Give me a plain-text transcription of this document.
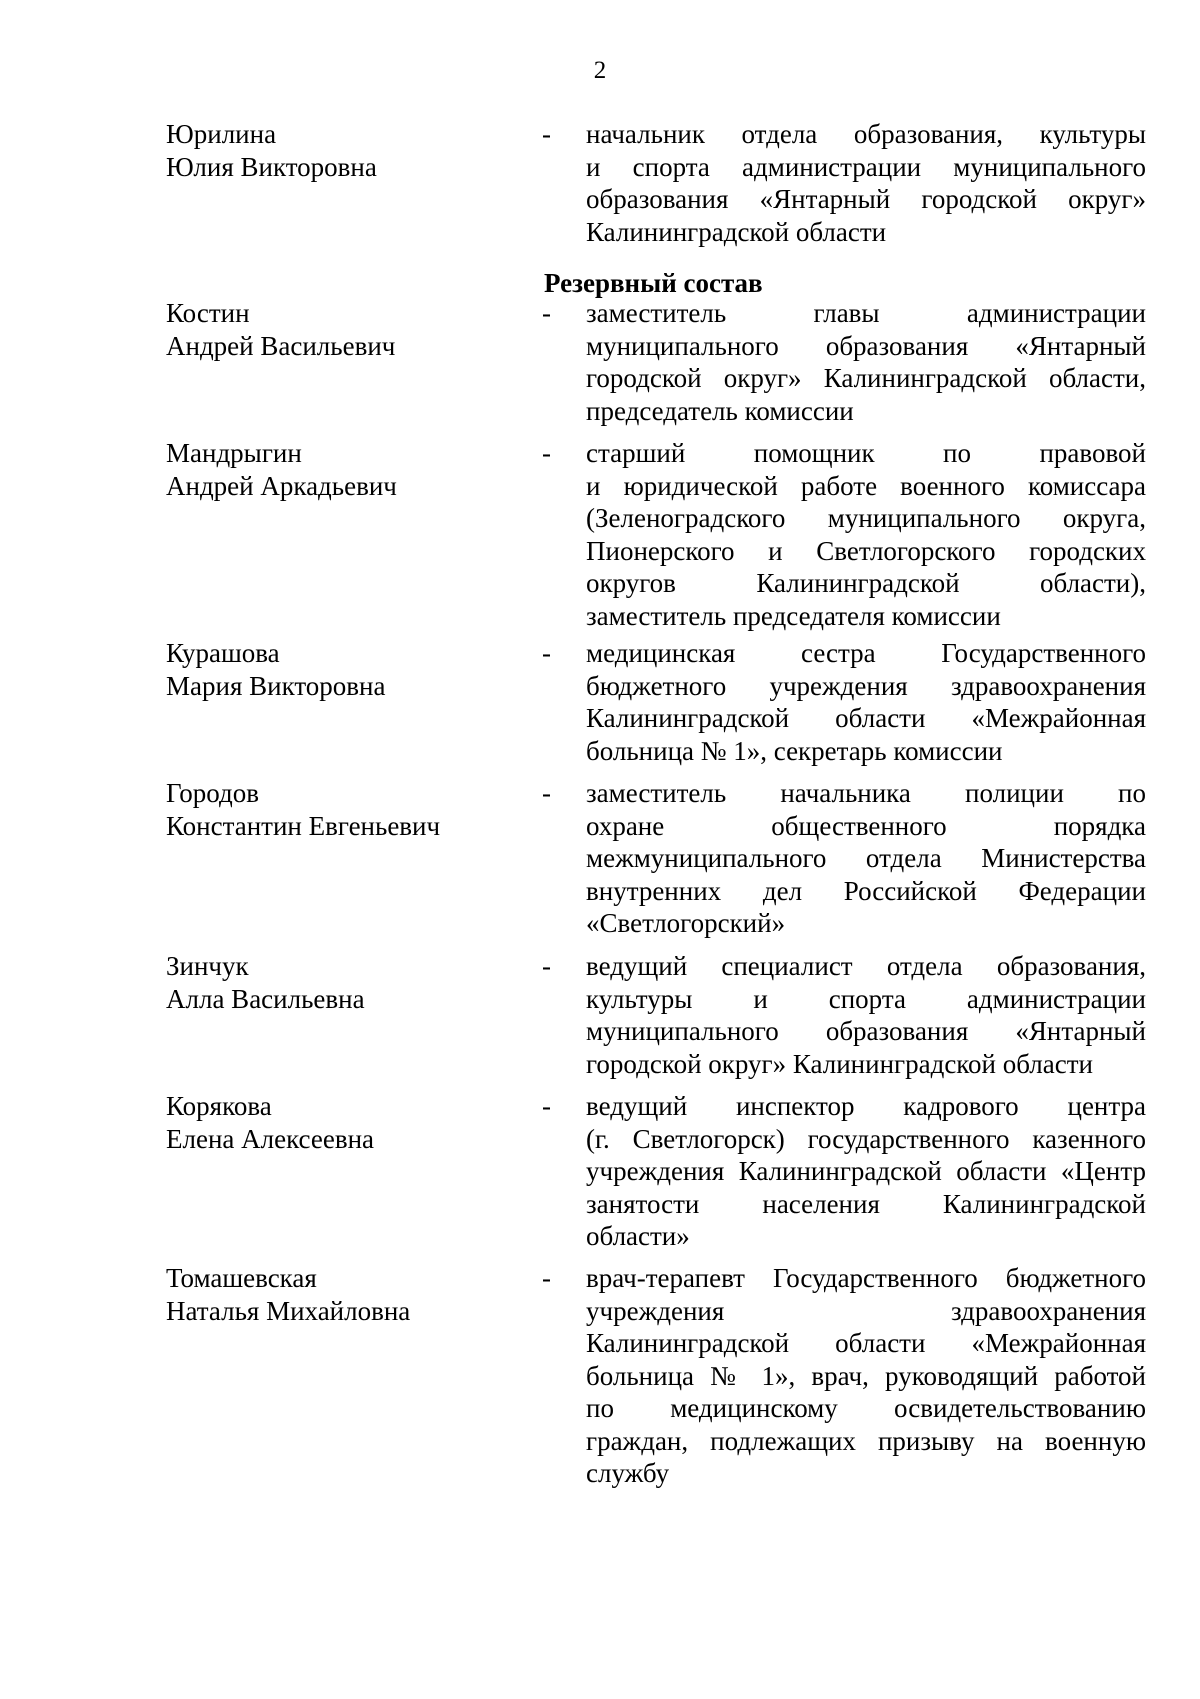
2
Резервный состав
Юрилина
Юлия Викторовна
- начальник отдела образования, культуры
и спорта администрации муниципального
образования «Янтарный городской округ»
Калининградской области
Костин
Андрей Васильевич
- заместитель главы администрации
муниципального образования «Янтарный
городской округ» Калининградской области,
председатель комиссии
Мандрыгин
Андрей Аркадьевич
- старший помощник по правовой
и юридической работе военного комиссара
(Зеленоградского муниципального округа,
Пионерского и Светлогорского городских
округов Калининградской области),
заместитель председателя комиссии
Курашова
Мария Викторовна
- медицинская сестра Государственного
бюджетного учреждения здравоохранения
Калининградской области «Межрайонная
больница № 1», секретарь комиссии
Городов
Константин Евгеньевич
- заместитель начальника полиции по
охране общественного порядка
межмуниципального отдела Министерства
внутренних дел Российской Федерации
«Светлогорский»
Зинчук
Алла Васильевна
- ведущий специалист отдела образования,
культуры и спорта администрации
муниципального образования «Янтарный
городской округ» Калининградской области
Корякова
Елена Алексеевна
- ведущий инспектор кадрового центра
(г. Светлогорск) государственного казенного
учреждения Калининградской области «Центр
занятости населения Калининградской
области»
Томашевская
Наталья Михайловна
- врач-терапевт Государственного бюджетного
учреждения здравоохранения
Калининградской области «Межрайонная
больница № 1», врач, руководящий работой
по медицинскому освидетельствованию
граждан, подлежащих призыву на военную
службу
